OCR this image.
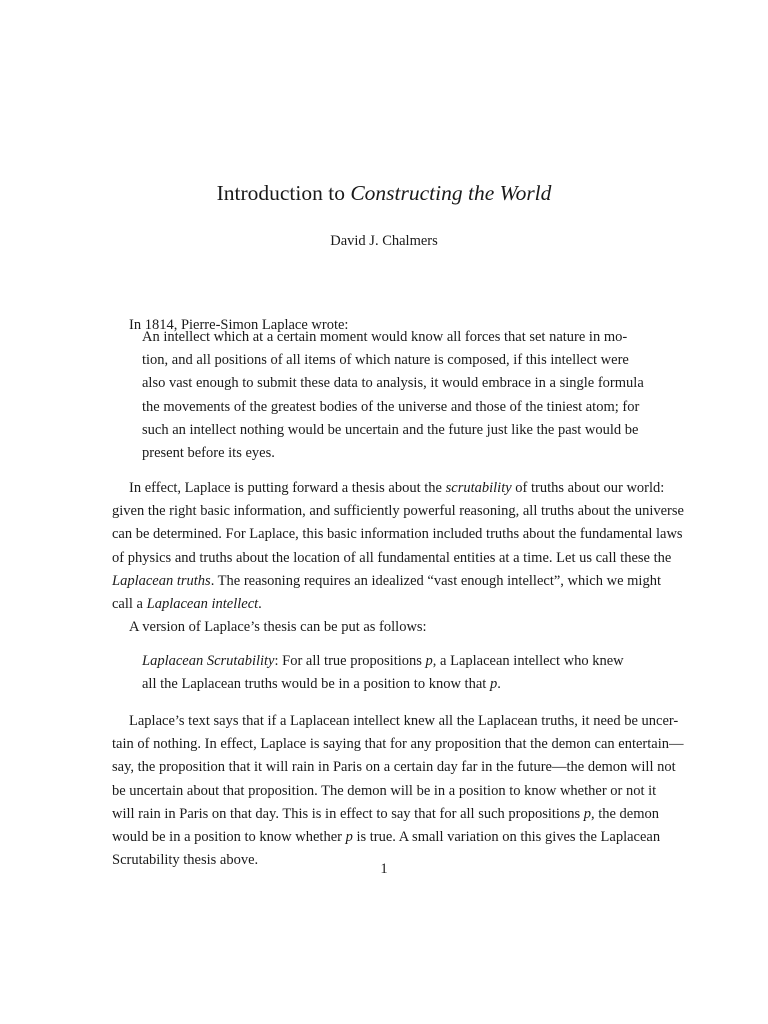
Introduction to Constructing the World
David J. Chalmers
In 1814, Pierre-Simon Laplace wrote:
An intellect which at a certain moment would know all forces that set nature in mo-
tion, and all positions of all items of which nature is composed, if this intellect were
also vast enough to submit these data to analysis, it would embrace in a single formula
the movements of the greatest bodies of the universe and those of the tiniest atom; for
such an intellect nothing would be uncertain and the future just like the past would be
present before its eyes.
In effect, Laplace is putting forward a thesis about the scrutability of truths about our world:
given the right basic information, and sufficiently powerful reasoning, all truths about the universe
can be determined. For Laplace, this basic information included truths about the fundamental laws
of physics and truths about the location of all fundamental entities at a time. Let us call these the
Laplacean truths. The reasoning requires an idealized “vast enough intellect”, which we might
call a Laplacean intellect.
A version of Laplace’s thesis can be put as follows:
Laplacean Scrutability: For all true propositions p, a Laplacean intellect who knew
all the Laplacean truths would be in a position to know that p.
Laplace’s text says that if a Laplacean intellect knew all the Laplacean truths, it need be uncer-
tain of nothing. In effect, Laplace is saying that for any proposition that the demon can entertain—
say, the proposition that it will rain in Paris on a certain day far in the future—the demon will not
be uncertain about that proposition. The demon will be in a position to know whether or not it
will rain in Paris on that day. This is in effect to say that for all such propositions p, the demon
would be in a position to know whether p is true. A small variation on this gives the Laplacean
Scrutability thesis above.
1
